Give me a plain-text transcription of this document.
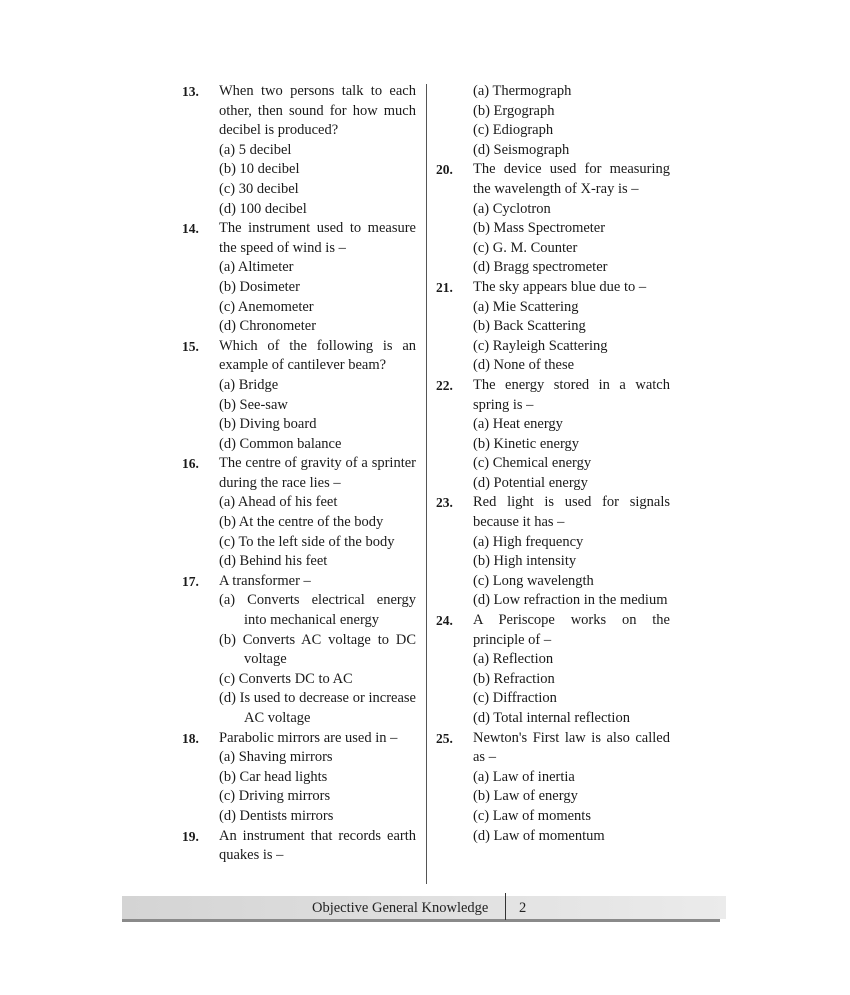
13. When two persons talk to each other, then sound for how much decibel is produced?
(a) 5 decibel
(b) 10 decibel
(c) 30 decibel
(d) 100 decibel
14. The instrument used to measure the speed of wind is –
(a) Altimeter
(b) Dosimeter
(c) Anemometer
(d) Chronometer
15. Which of the following is an example of cantilever beam?
(a) Bridge
(b) See-saw
(b) Diving board
(d) Common balance
16. The centre of gravity of a sprinter during the race lies –
(a) Ahead of his feet
(b) At the centre of the body
(c) To the left side of the body
(d) Behind his feet
17. A transformer –
(a) Converts electrical energy into mechanical energy
(b) Converts AC voltage to DC voltage
(c) Converts DC to AC
(d) Is used to decrease or increase AC voltage
18. Parabolic mirrors are used in –
(a) Shaving mirrors
(b) Car head lights
(c) Driving mirrors
(d) Dentists mirrors
19. An instrument that records earth quakes is –
(a) Thermograph
(b) Ergograph
(c) Ediograph
(d) Seismograph
20. The device used for measuring the wavelength of X-ray is –
(a) Cyclotron
(b) Mass Spectrometer
(c) G. M. Counter
(d) Bragg spectrometer
21. The sky appears blue due to –
(a) Mie Scattering
(b) Back Scattering
(c) Rayleigh Scattering
(d) None of these
22. The energy stored in a watch spring is –
(a) Heat energy
(b) Kinetic energy
(c) Chemical energy
(d) Potential energy
23. Red light is used for signals because it has –
(a) High frequency
(b) High intensity
(c) Long wavelength
(d) Low refraction in the medium
24. A Periscope works on the principle of –
(a) Reflection
(b) Refraction
(c) Diffraction
(d) Total internal reflection
25. Newton's First law is also called as –
(a) Law of inertia
(b) Law of energy
(c) Law of moments
(d) Law of momentum
Objective General Knowledge 2
